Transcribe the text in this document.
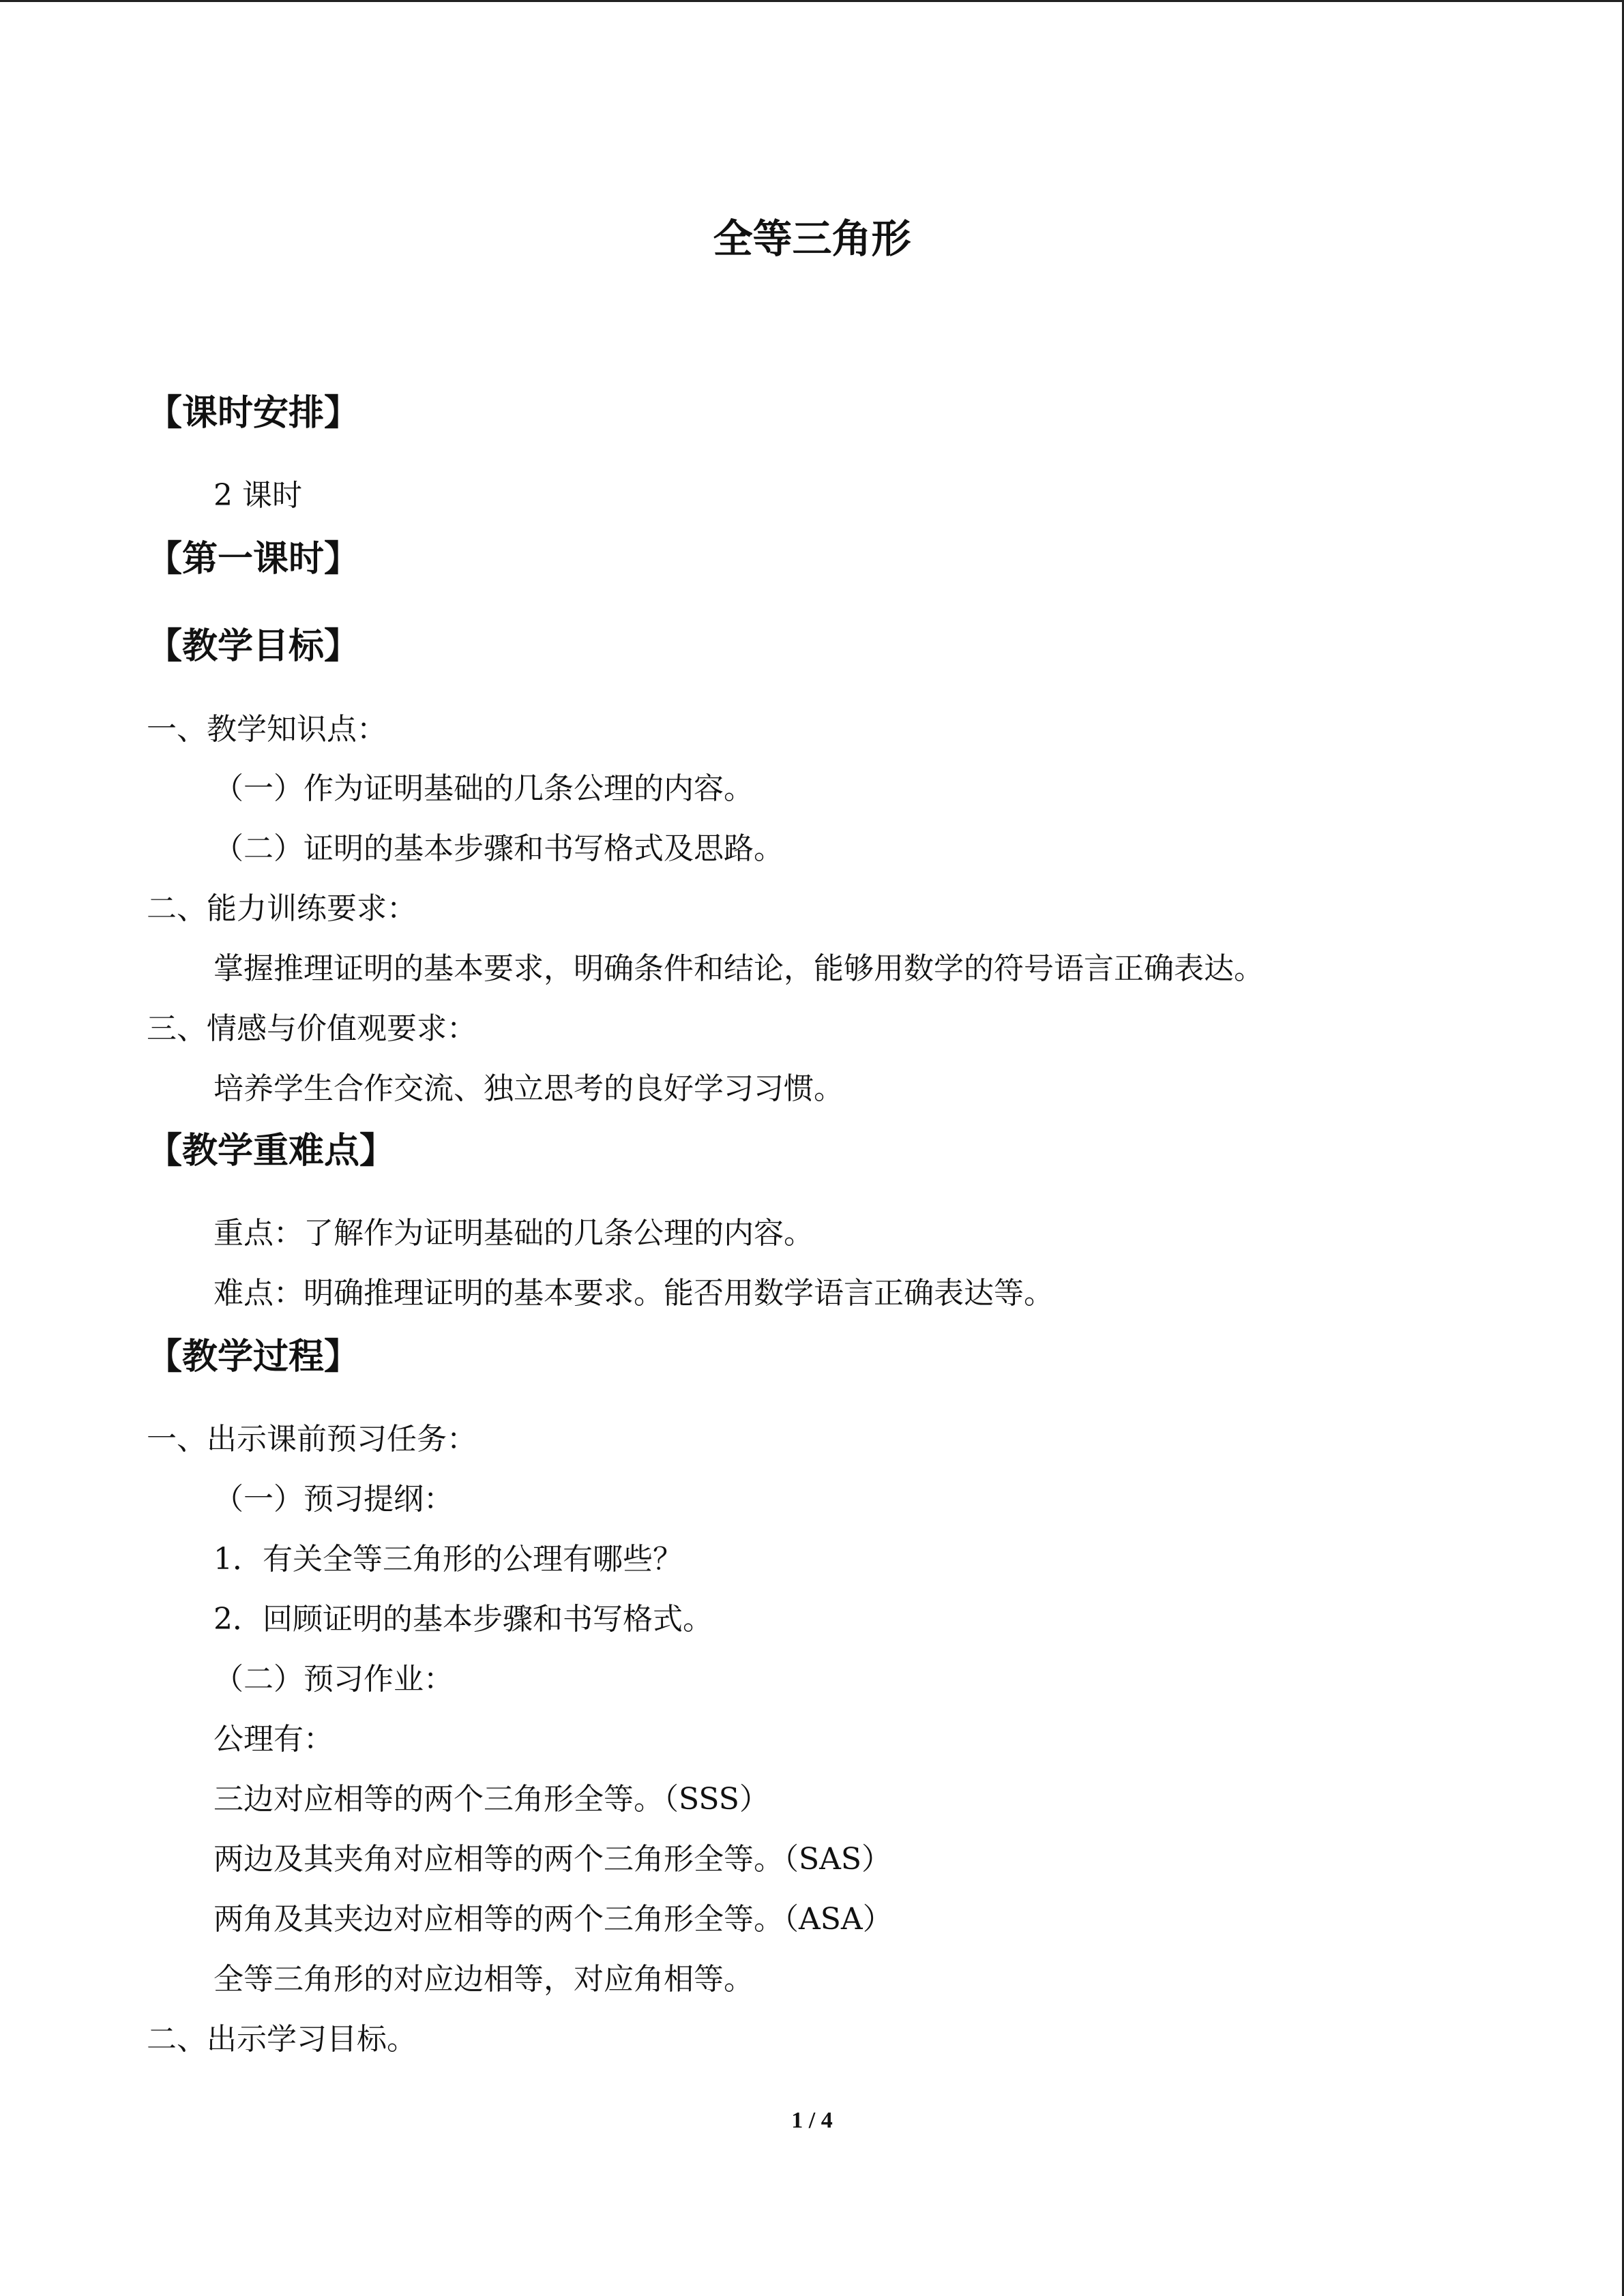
全等三角形
【课时安排】
2 课时
【第一课时】
【教学目标】
一、教学知识点：
（一）作为证明基础的几条公理的内容。
（二）证明的基本步骤和书写格式及思路。
二、能力训练要求：
掌握推理证明的基本要求，明确条件和结论，能够用数学的符号语言正确表达。
三、情感与价值观要求：
培养学生合作交流、独立思考的良好学习习惯。
【教学重难点】
重点：了解作为证明基础的几条公理的内容。
难点：明确推理证明的基本要求。能否用数学语言正确表达等。
【教学过程】
一、出示课前预习任务：
（一）预习提纲：
1．有关全等三角形的公理有哪些？
2．回顾证明的基本步骤和书写格式。
（二）预习作业：
公理有：
三边对应相等的两个三角形全等。（SSS）
两边及其夹角对应相等的两个三角形全等。（SAS）
两角及其夹边对应相等的两个三角形全等。（ASA）
全等三角形的对应边相等，对应角相等。
二、出示学习目标。
1 / 4
